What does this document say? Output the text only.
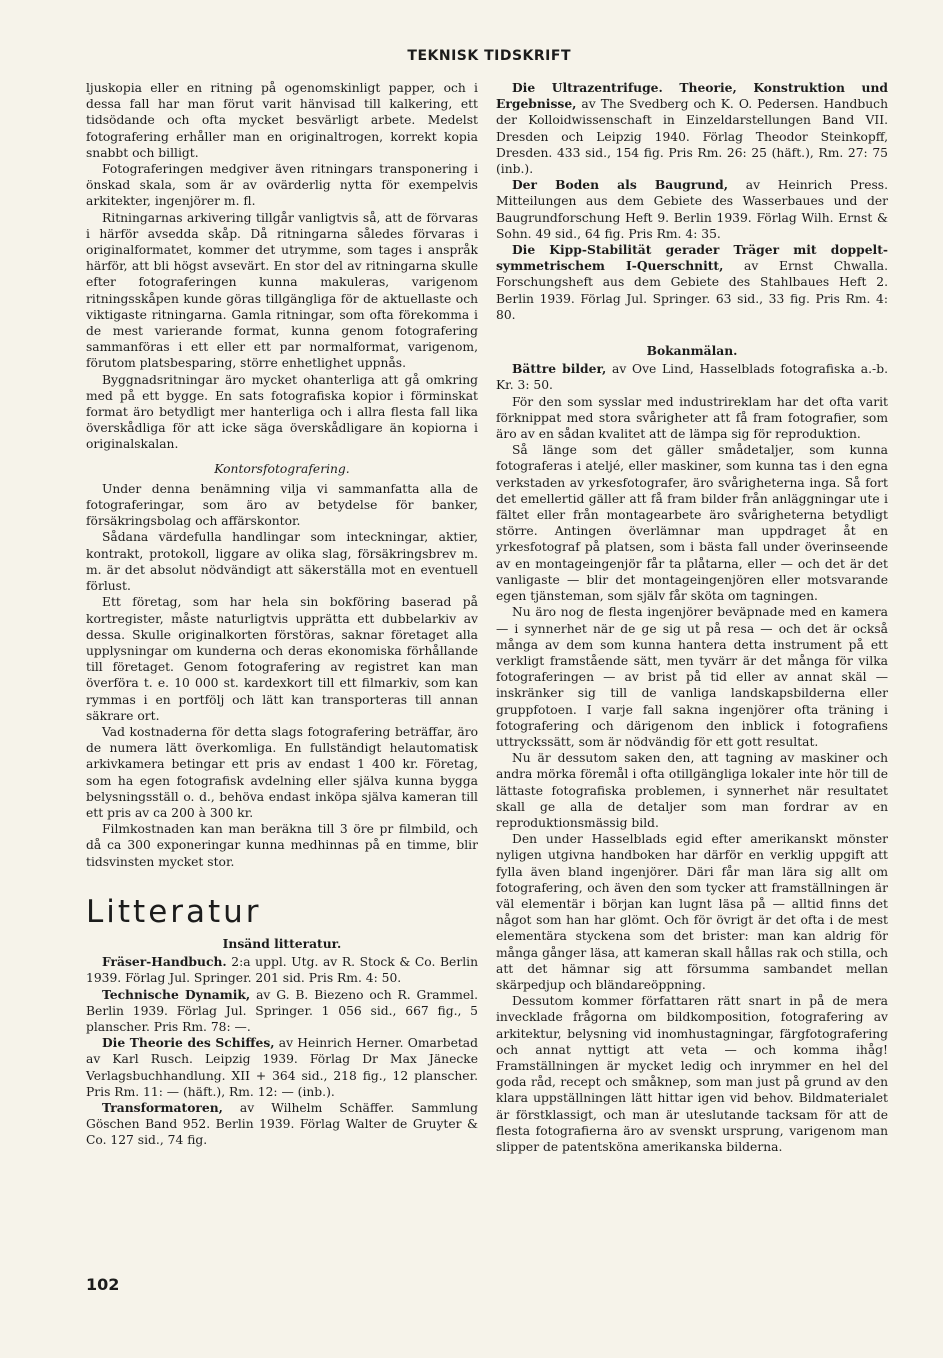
TEKNISK TIDSKRIFT

ljuskopia eller en ritning på ogenomskinligt papper, och i dessa fall har man förut varit hänvisad till kalkering, ett tidsödande och ofta mycket besvärligt arbete. Medelst fotografering erhåller man en originaltrogen, korrekt kopia snabbt och billigt.

Fotograferingen medgiver även ritningars transponering i önskad skala, som är av ovärderlig nytta för exempelvis arkitekter, ingenjörer m. fl.

Ritningarnas arkivering tillgår vanligtvis så, att de förvaras i härför avsedda skåp. Då ritningarna således förvaras i originalformatet, kommer det utrymme, som tages i anspråk härför, att bli högst avsevärt. En stor del av ritningarna skulle efter fotograferingen kunna makuleras, varigenom ritningsskåpen kunde göras tillgängliga för de aktuellaste och viktigaste ritningarna. Gamla ritningar, som ofta förekomma i de mest varierande format, kunna genom fotografering sammanföras i ett eller ett par normalformat, varigenom, förutom platsbesparing, större enhetlighet uppnås.

Byggnadsritningar äro mycket ohanterliga att gå omkring med på ett bygge. En sats fotografiska kopior i förminskat format äro betydligt mer hanterliga och i allra flesta fall lika överskådliga för att icke säga överskådligare än kopiorna i originalskalan.

Kontorsfotografering.

Under denna benämning vilja vi sammanfatta alla de fotograferingar, som äro av betydelse för banker, försäkringsbolag och affärskontor.

Sådana värdefulla handlingar som inteckningar, aktier, kontrakt, protokoll, liggare av olika slag, försäkringsbrev m. m. är det absolut nödvändigt att säkerställa mot en eventuell förlust.

Ett företag, som har hela sin bokföring baserad på kortregister, måste naturligtvis upprätta ett dubbelarkiv av dessa. Skulle originalkorten förstöras, saknar företaget alla upplysningar om kunderna och deras ekonomiska förhållande till företaget. Genom fotografering av registret kan man överföra t. e. 10 000 st. kardexkort till ett filmarkiv, som kan rymmas i en portfölj och lätt kan transporteras till annan säkrare ort.

Vad kostnaderna för detta slags fotografering beträffar, äro de numera lätt överkomliga. En fullständigt helautomatisk arkivkamera betingar ett pris av endast 1 400 kr. Företag, som ha egen fotografisk avdelning eller själva kunna bygga belysningsställ o. d., behöva endast inköpa själva kameran till ett pris av ca 200 à 300 kr.

Filmkostnaden kan man beräkna till 3 öre pr filmbild, och då ca 300 exponeringar kunna medhinnas på en timme, blir tidsvinsten mycket stor.

Litteratur

Insänd litteratur.

Fräser-Handbuch. 2:a uppl. Utg. av R. Stock & Co. Berlin 1939. Förlag Jul. Springer. 201 sid. Pris Rm. 4: 50.

Technische Dynamik, av G. B. Biezeno och R. Grammel. Berlin 1939. Förlag Jul. Springer. 1 056 sid., 667 fig., 5 planscher. Pris Rm. 78: —.

Die Theorie des Schiffes, av Heinrich Herner. Omarbetad av Karl Rusch. Leipzig 1939. Förlag Dr Max Jänecke Verlagsbuchhandlung. XII + 364 sid., 218 fig., 12 planscher. Pris Rm. 11: — (häft.), Rm. 12: — (inb.).

Transformatoren, av Wilhelm Schäffer. Sammlung Göschen Band 952. Berlin 1939. Förlag Walter de Gruyter & Co. 127 sid., 74 fig.

Die Ultrazentrifuge. Theorie, Konstruktion und Ergebnisse, av The Svedberg och K. O. Pedersen. Handbuch der Kolloidwissenschaft in Einzeldarstellungen Band VII. Dresden och Leipzig 1940. Förlag Theodor Steinkopff, Dresden. 433 sid., 154 fig. Pris Rm. 26: 25 (häft.), Rm. 27: 75 (inb.).

Der Boden als Baugrund, av Heinrich Press. Mitteilungen aus dem Gebiete des Wasserbaues und der Baugrundforschung Heft 9. Berlin 1939. Förlag Wilh. Ernst & Sohn. 49 sid., 64 fig. Pris Rm. 4: 35.

Die Kipp-Stabilität gerader Träger mit doppelt-symmetrischem I-Querschnitt, av Ernst Chwalla. Forschungsheft aus dem Gebiete des Stahlbaues Heft 2. Berlin 1939. Förlag Jul. Springer. 63 sid., 33 fig. Pris Rm. 4: 80.

Bokanmälan.

Bättre bilder, av Ove Lind, Hasselblads fotografiska a.-b. Kr. 3: 50.

För den som sysslar med industrireklam har det ofta varit förknippat med stora svårigheter att få fram fotografier, som äro av en sådan kvalitet att de lämpa sig för reproduktion.

Så länge som det gäller smådetaljer, som kunna fotograferas i ateljé, eller maskiner, som kunna tas i den egna verkstaden av yrkesfotografer, äro svårigheterna inga. Så fort det emellertid gäller att få fram bilder från anläggningar ute i fältet eller från montagearbete äro svårigheterna betydligt större. Antingen överlämnar man uppdraget åt en yrkesfotograf på platsen, som i bästa fall under överinseende av en montageingenjör får ta plåtarna, eller — och det är det vanligaste — blir det montageingenjören eller motsvarande egen tjänsteman, som själv får sköta om tagningen.

Nu äro nog de flesta ingenjörer beväpnade med en kamera — i synnerhet när de ge sig ut på resa — och det är också många av dem som kunna hantera detta instrument på ett verkligt framstående sätt, men tyvärr är det många för vilka fotograferingen — av brist på tid eller av annat skäl — inskränker sig till de vanliga landskapsbilderna eller gruppfotoen. I varje fall sakna ingenjörer ofta träning i fotografering och därigenom den inblick i fotografiens uttryckssätt, som är nödvändig för ett gott resultat.

Nu är dessutom saken den, att tagning av maskiner och andra mörka föremål i ofta otillgängliga lokaler inte hör till de lättaste fotografiska problemen, i synnerhet när resultatet skall ge alla de detaljer som man fordrar av en reproduktionsmässig bild.

Den under Hasselblads egid efter amerikanskt mönster nyligen utgivna handboken har därför en verklig uppgift att fylla även bland ingenjörer. Däri får man lära sig allt om fotografering, och även den som tycker att framställningen är väl elementär i början kan lugnt läsa på — alltid finns det något som han har glömt. Och för övrigt är det ofta i de mest elementära styckena som det brister: man kan aldrig för många gånger läsa, att kameran skall hållas rak och stilla, och att det hämnar sig att försumma sambandet mellan skärpedjup och bländareöppning.

Dessutom kommer författaren rätt snart in på de mera invecklade frågorna om bildkomposition, fotografering av arkitektur, belysning vid inomhustagningar, färgfotografering och annat nyttigt att veta — och komma ihåg! Framställningen är mycket ledig och inrymmer en hel del goda råd, recept och småknep, som man just på grund av den klara uppställningen lätt hittar igen vid behov. Bildmaterialet är förstklassigt, och man är uteslutande tacksam för att de flesta fotografierna äro av svenskt ursprung, varigenom man slipper de patentsköna amerikanska bilderna.

102
